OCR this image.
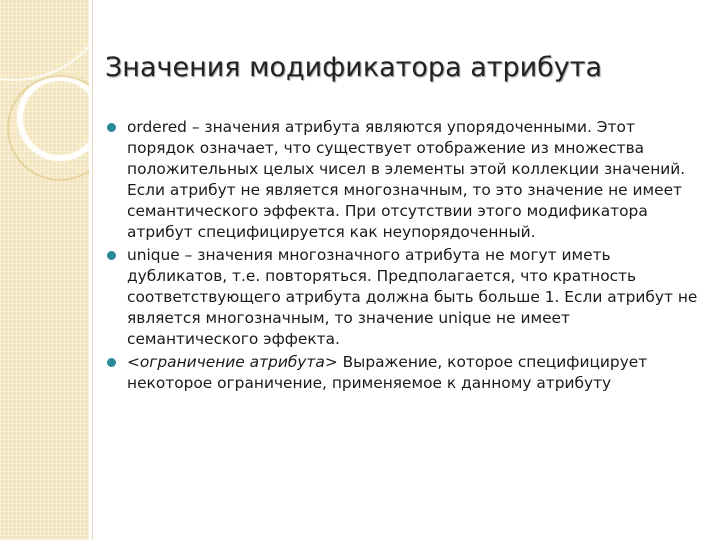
Значения модификатора атрибута

ordered – значения атрибута являются упорядоченными. Этот порядок означает, что существует отображение из множества положительных целых чисел в элементы этой коллекции значений. Если атрибут не является многозначным, то это значение не имеет семантического эффекта. При отсутствии этого модификатора атрибут специфицируется как неупорядоченный.

unique – значения многозначного атрибута не могут иметь дубликатов, т.е. повторяться. Предполагается, что кратность соответствующего атрибута должна быть больше 1. Если атрибут не является многозначным, то значение unique не имеет семантического эффекта.

<ограничение атрибута> Выражение, которое специфицирует некоторое ограничение, применяемое к данному атрибуту
